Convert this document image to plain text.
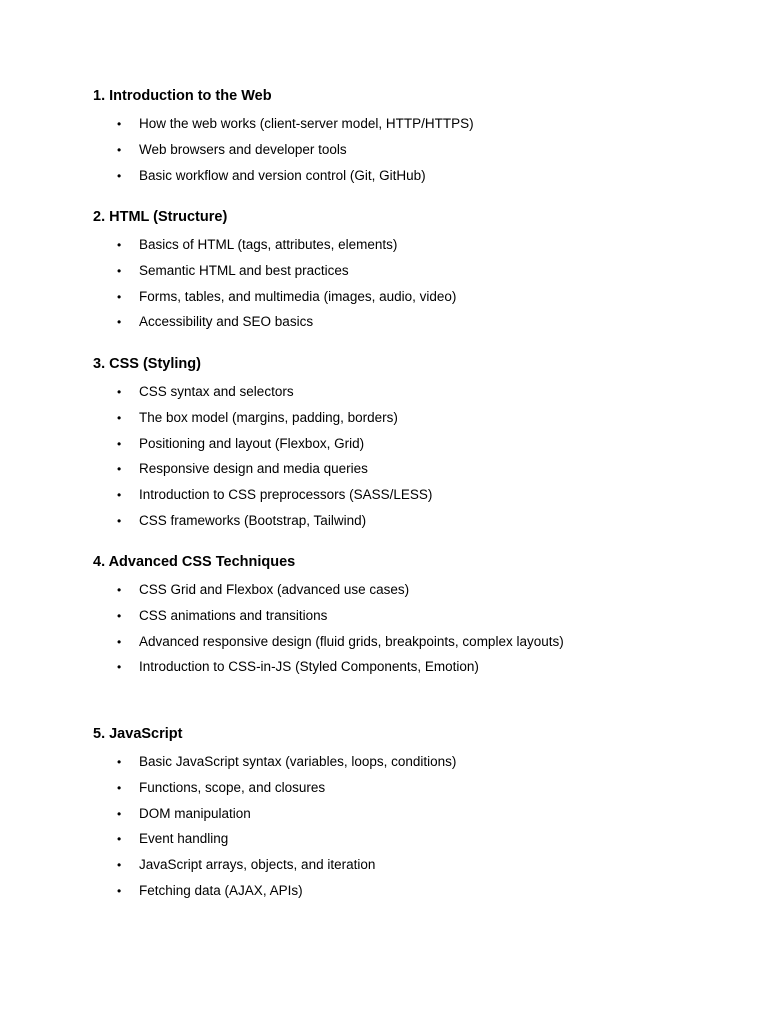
1. Introduction to the Web
• How the web works (client-server model, HTTP/HTTPS)
• Web browsers and developer tools
• Basic workflow and version control (Git, GitHub)
2. HTML (Structure)
• Basics of HTML (tags, attributes, elements)
• Semantic HTML and best practices
• Forms, tables, and multimedia (images, audio, video)
• Accessibility and SEO basics
3. CSS (Styling)
• CSS syntax and selectors
• The box model (margins, padding, borders)
• Positioning and layout (Flexbox, Grid)
• Responsive design and media queries
• Introduction to CSS preprocessors (SASS/LESS)
• CSS frameworks (Bootstrap, Tailwind)
4. Advanced CSS Techniques
• CSS Grid and Flexbox (advanced use cases)
• CSS animations and transitions
• Advanced responsive design (fluid grids, breakpoints, complex layouts)
• Introduction to CSS-in-JS (Styled Components, Emotion)
5. JavaScript
• Basic JavaScript syntax (variables, loops, conditions)
• Functions, scope, and closures
• DOM manipulation
• Event handling
• JavaScript arrays, objects, and iteration
• Fetching data (AJAX, APIs)
